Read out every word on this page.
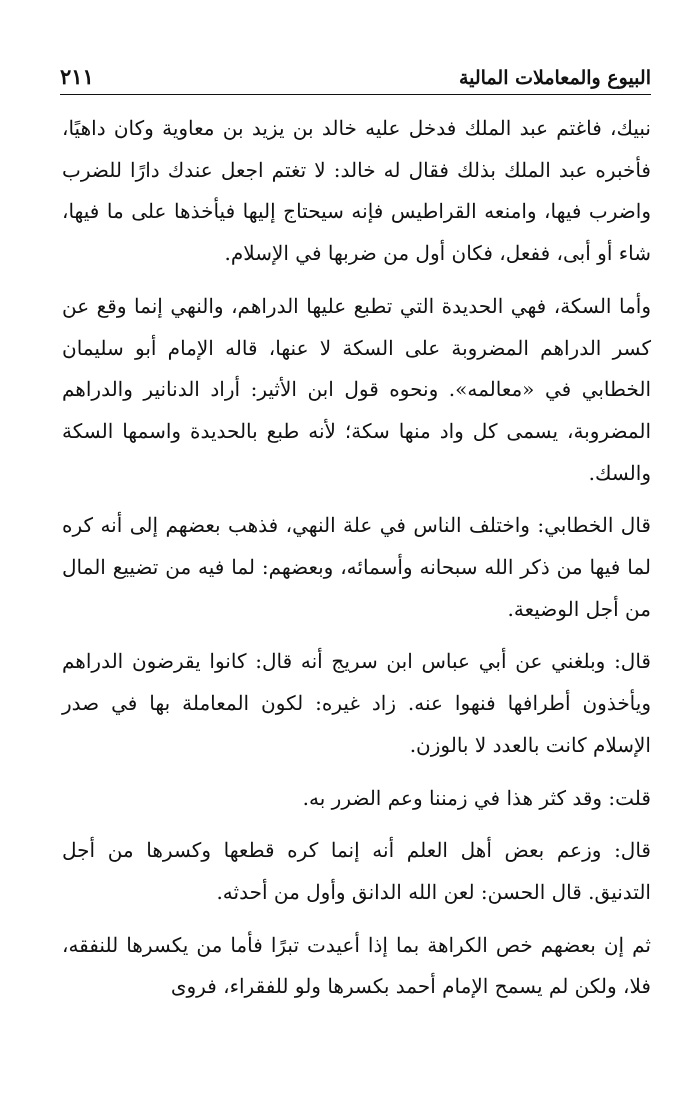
البيوع والمعاملات المالية
٢١١

نبيك، فاغتم عبد الملك فدخل عليه خالد بن يزيد بن معاوية وكان داهيًا، فأخبره عبد الملك بذلك فقال له خالد: لا تغتم اجعل عندك دارًا للضرب واضرب فيها، وامنعه القراطيس فإنه سيحتاج إليها فيأخذها على ما فيها، شاء أو أبى، ففعل، فكان أول من ضربها في الإسلام.

وأما السكة، فهي الحديدة التي تطبع عليها الدراهم، والنهي إنما وقع عن كسر الدراهم المضروبة على السكة لا عنها، قاله الإمام أبو سليمان الخطابي في «معالمه». ونحوه قول ابن الأثير: أراد الدنانير والدراهم المضروبة، يسمى كل واد منها سكة؛ لأنه طبع بالحديدة واسمها السكة والسك.

قال الخطابي: واختلف الناس في علة النهي، فذهب بعضهم إلى أنه كره لما فيها من ذكر الله سبحانه وأسمائه، وبعضهم: لما فيه من تضييع المال من أجل الوضيعة.

قال: وبلغني عن أبي عباس ابن سريج أنه قال: كانوا يقرضون الدراهم ويأخذون أطرافها فنهوا عنه. زاد غيره: لكون المعاملة بها في صدر الإسلام كانت بالعدد لا بالوزن.

قلت: وقد كثر هذا في زمننا وعم الضرر به.

قال: وزعم بعض أهل العلم أنه إنما كره قطعها وكسرها من أجل التدنيق. قال الحسن: لعن الله الدانق وأول من أحدثه.

ثم إن بعضهم خص الكراهة بما إذا أعيدت تبرًا فأما من يكسرها للنفقه، فلا، ولكن لم يسمح الإمام أحمد بكسرها ولو للفقراء، فروى
